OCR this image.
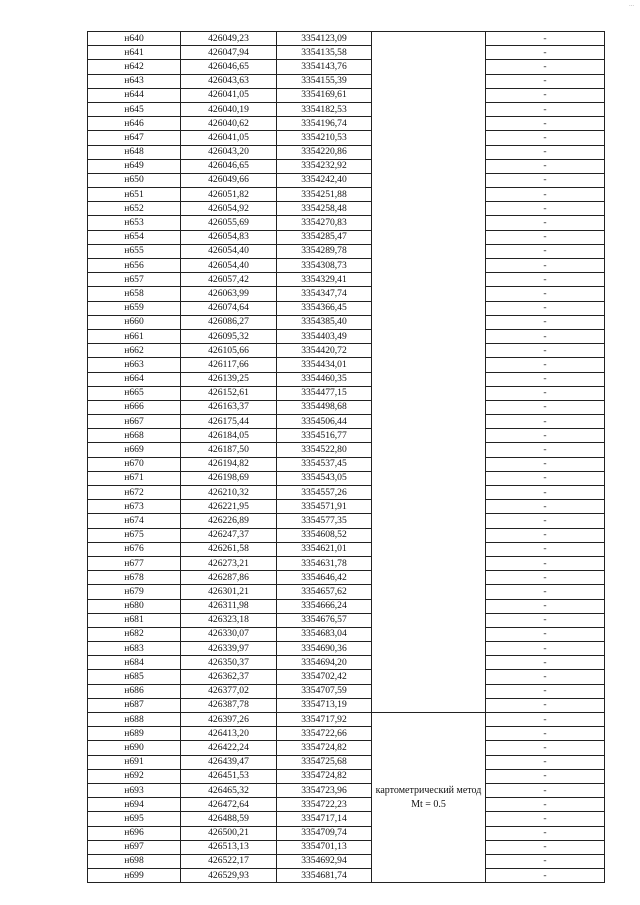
...
н640	426049,23	3354123,09		-
н641	426047,94	3354135,58		-
н642	426046,65	3354143,76		-
н643	426043,63	3354155,39		-
н644	426041,05	3354169,61		-
н645	426040,19	3354182,53		-
н646	426040,62	3354196,74		-
н647	426041,05	3354210,53		-
н648	426043,20	3354220,86		-
н649	426046,65	3354232,92		-
н650	426049,66	3354242,40		-
н651	426051,82	3354251,88		-
н652	426054,92	3354258,48		-
н653	426055,69	3354270,83		-
н654	426054,83	3354285,47		-
н655	426054,40	3354289,78		-
н656	426054,40	3354308,73		-
н657	426057,42	3354329,41		-
н658	426063,99	3354347,74		-
н659	426074,64	3354366,45		-
н660	426086,27	3354385,40		-
н661	426095,32	3354403,49		-
н662	426105,66	3354420,72		-
н663	426117,66	3354434,01		-
н664	426139,25	3354460,35		-
н665	426152,61	3354477,15		-
н666	426163,37	3354498,68		-
н667	426175,44	3354506,44		-
н668	426184,05	3354516,77		-
н669	426187,50	3354522,80		-
н670	426194,82	3354537,45		-
н671	426198,69	3354543,05		-
н672	426210,32	3354557,26		-
н673	426221,95	3354571,91		-
н674	426226,89	3354577,35		-
н675	426247,37	3354608,52		-
н676	426261,58	3354621,01		-
н677	426273,21	3354631,78		-
н678	426287,86	3354646,42		-
н679	426301,21	3354657,62		-
н680	426311,98	3354666,24		-
н681	426323,18	3354676,57		-
н682	426330,07	3354683,04		-
н683	426339,97	3354690,36		-
н684	426350,37	3354694,20		-
н685	426362,37	3354702,42		-
н686	426377,02	3354707,59		-
н687	426387,78	3354713,19		-
н688	426397,26	3354717,92	картометрический метод Mt = 0.5	-
н689	426413,20	3354722,66		-
н690	426422,24	3354724,82		-
н691	426439,47	3354725,68		-
н692	426451,53	3354724,82		-
н693	426465,32	3354723,96		-
н694	426472,64	3354722,23		-
н695	426488,59	3354717,14		-
н696	426500,21	3354709,74		-
н697	426513,13	3354701,13		-
н698	426522,17	3354692,94		-
н699	426529,93	3354681,74		-
